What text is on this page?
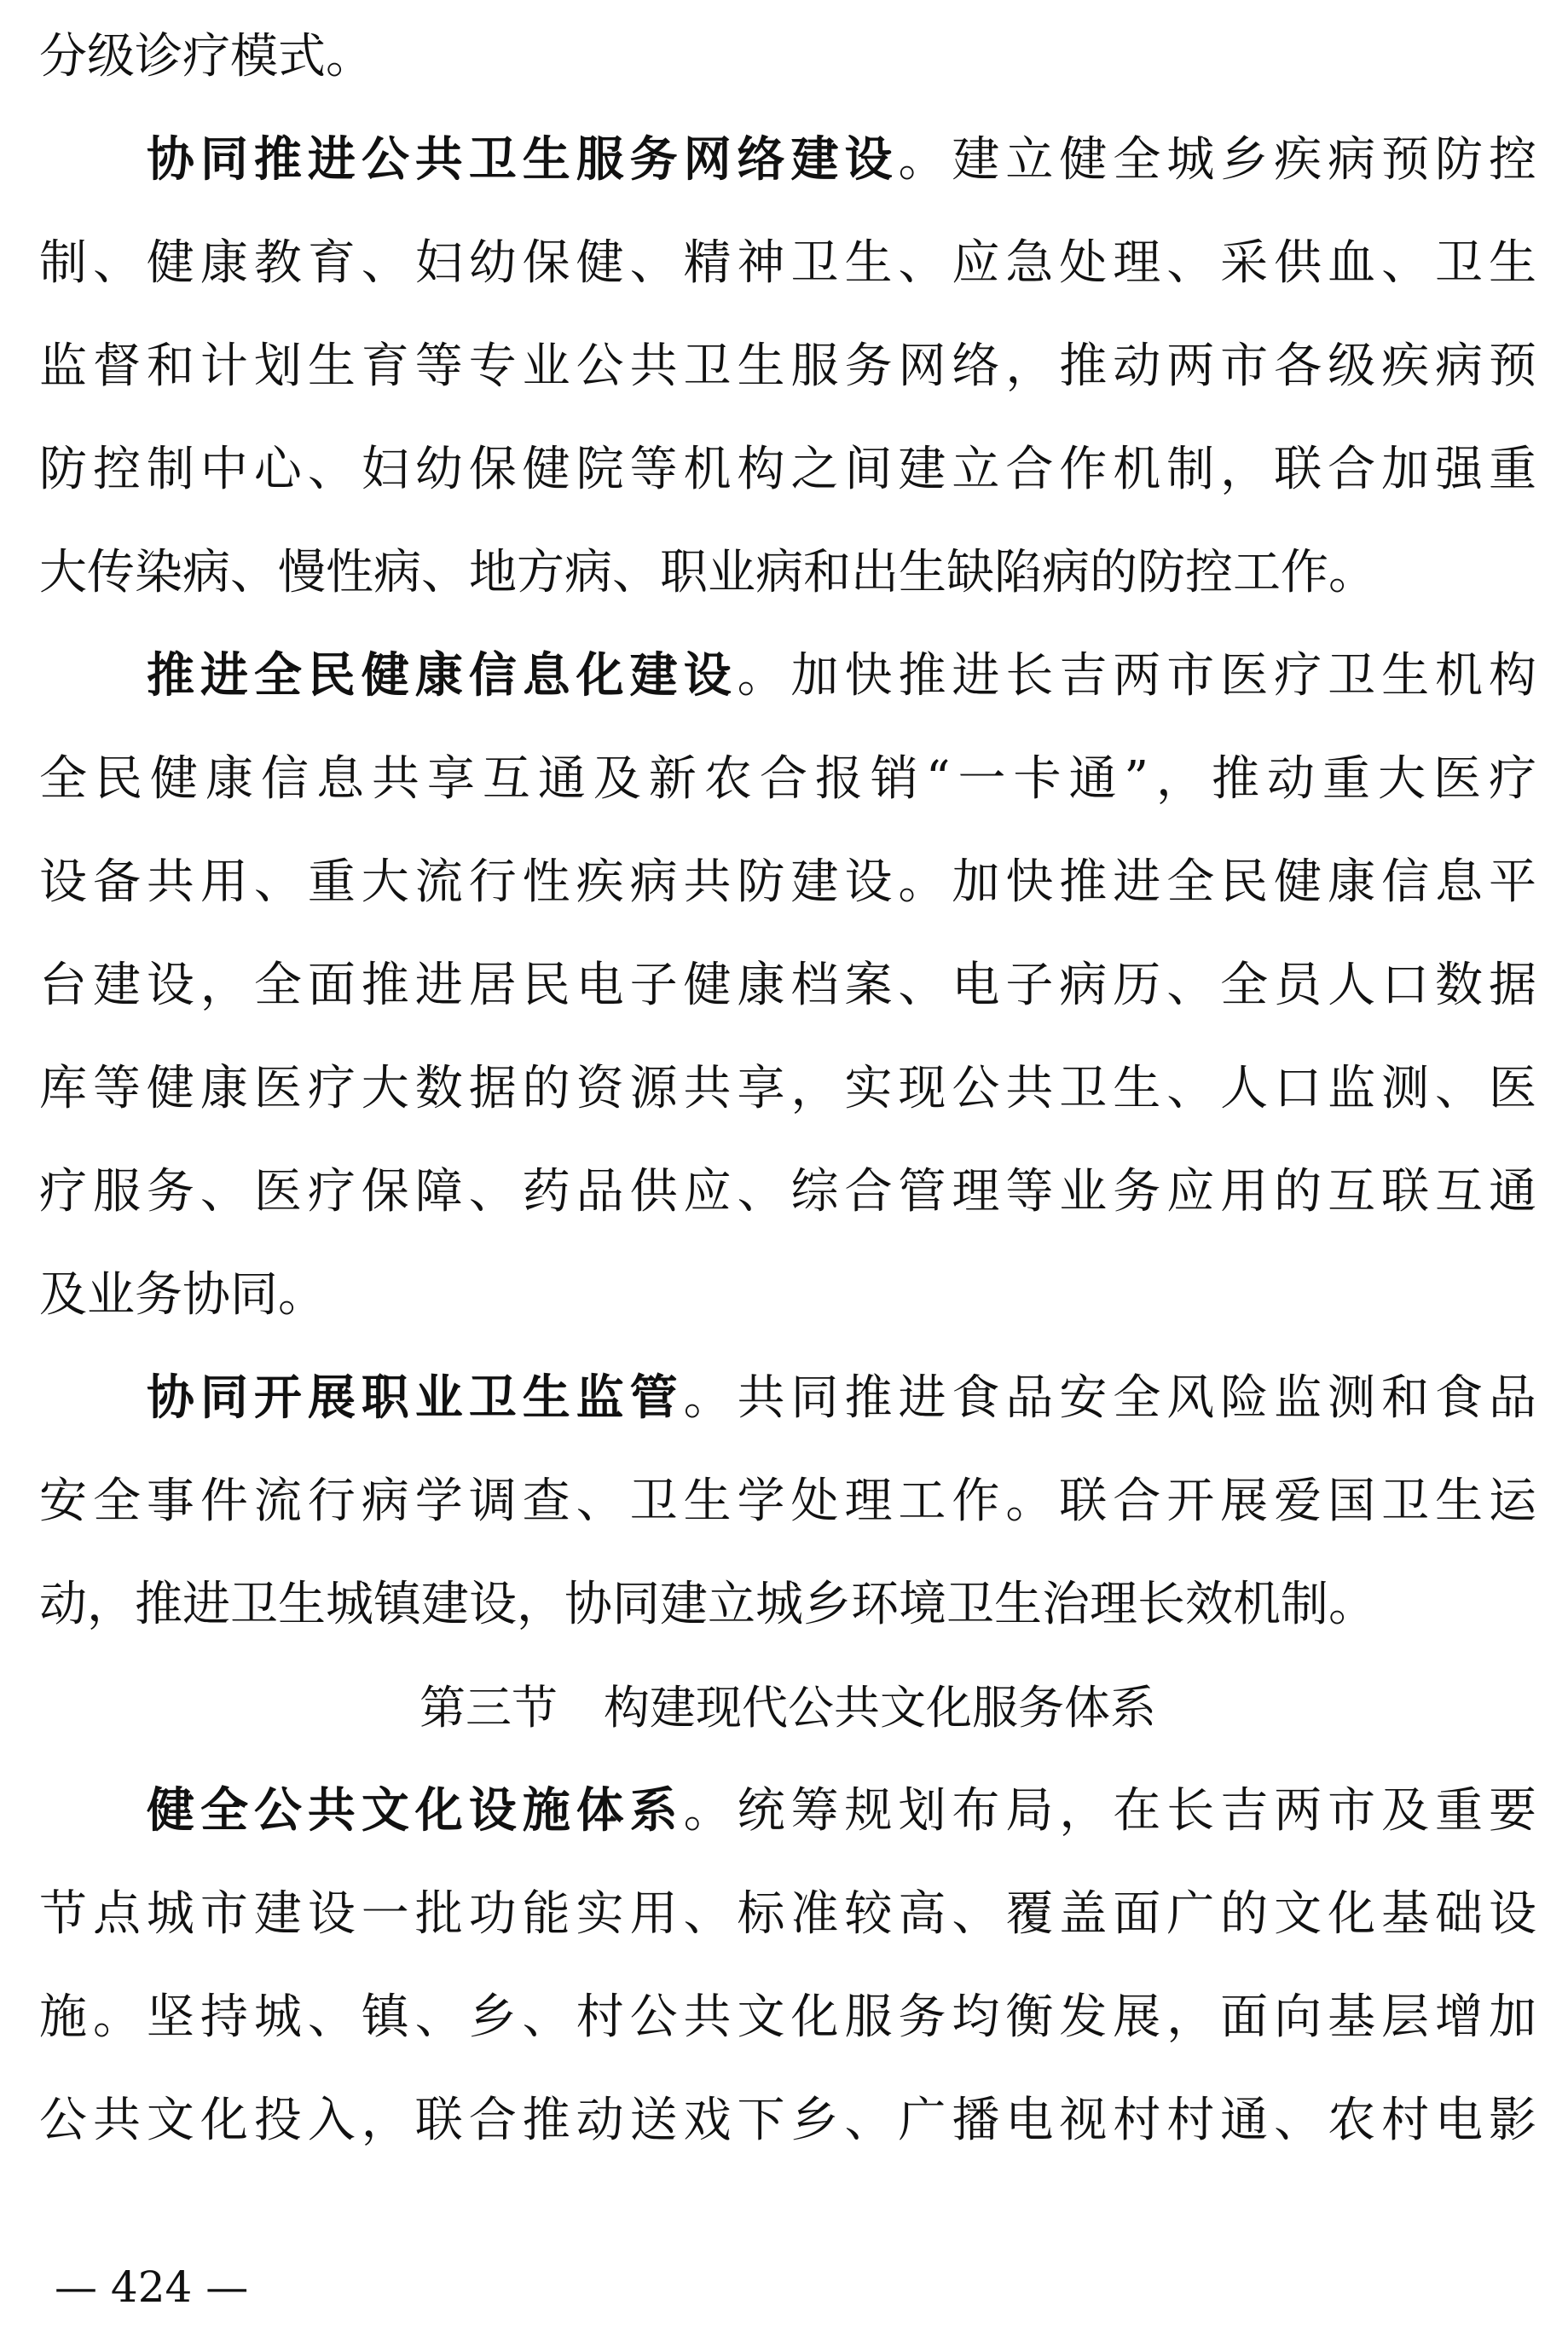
分级诊疗模式。
协同推进公共卫生服务网络建设。建立健全城乡疾病预防控
制、健康教育、妇幼保健、精神卫生、应急处理、采供血、卫生
监督和计划生育等专业公共卫生服务网络，推动两市各级疾病预
防控制中心、妇幼保健院等机构之间建立合作机制，联合加强重
大传染病、慢性病、地方病、职业病和出生缺陷病的防控工作。
推进全民健康信息化建设。加快推进长吉两市医疗卫生机构
全民健康信息共享互通及新农合报销“一卡通”，推动重大医疗
设备共用、重大流行性疾病共防建设。加快推进全民健康信息平
台建设，全面推进居民电子健康档案、电子病历、全员人口数据
库等健康医疗大数据的资源共享，实现公共卫生、人口监测、医
疗服务、医疗保障、药品供应、综合管理等业务应用的互联互通
及业务协同。
协同开展职业卫生监管。共同推进食品安全风险监测和食品
安全事件流行病学调查、卫生学处理工作。联合开展爱国卫生运
动，推进卫生城镇建设，协同建立城乡环境卫生治理长效机制。
第三节　构建现代公共文化服务体系
健全公共文化设施体系。统筹规划布局，在长吉两市及重要
节点城市建设一批功能实用、标准较高、覆盖面广的文化基础设
施。坚持城、镇、乡、村公共文化服务均衡发展，面向基层增加
公共文化投入，联合推动送戏下乡、广播电视村村通、农村电影
— 424 —
